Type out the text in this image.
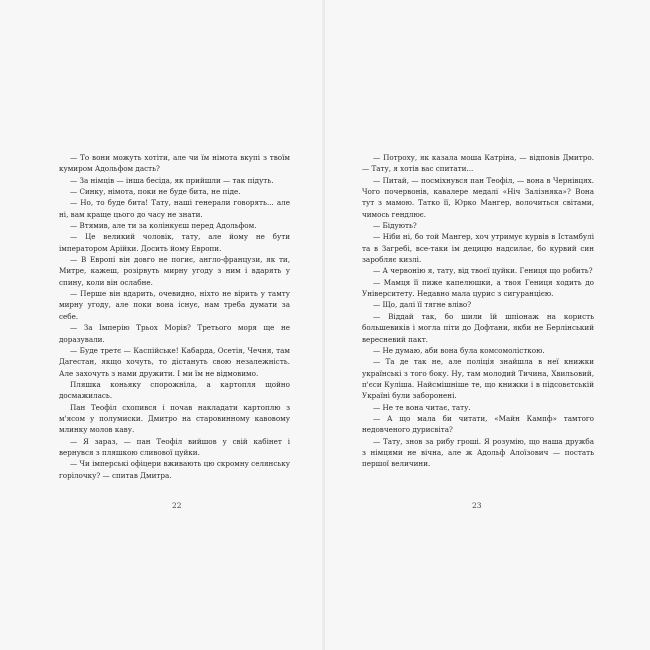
— То вони можуть хотіти, але чи їм німота вкупі з твоїм кумиром Адольфом дасть?

— За німців — інша бесіда, як прийшли — так підуть.

— Синку, німота, поки не буде бита, не піде.

— Но, то буде бита! Тату, наші генерали говорять... але ні, вам краще цього до часу не знати.

— Втямив, але ти за колінкуєш перед Адольфом.

— Це великий чоловік, тату, але йому не бути імператором Арійки. Досить йому Европи.

— В Европі він довго не погиє, англо-французи, як ти, Митре, кажеш, розірвуть мирну угоду з ним і вдарять у спину, коли він ослабне.

— Перше він вдарить, очевидно, ніхто не вірить у тамту мирну угоду, але поки вона існує, нам треба думати за себе.

— За Імперію Трьох Морів? Третього моря ще не доразували.

— Буде третє — Каспійське! Кабарда, Осетія, Чечня, там Дагестан, якщо хочуть, то дістануть свою незалежність. Але захочуть з нами дружити. І ми їм не відмовимо.

Пляшка коньяку спорожніла, а картопля щойно досмажилась.

Пан Теофіл схопився і почав накладати картоплю з м'ясом у полумиски. Дмитро на старовинному кавовому млинку молов каву.

— Я зараз, — пан Теофіл вийшов у свій кабінет і вернувся з пляшкою сливової цуйки.

— Чи імперські офіцери вживають цю скромну селянську горілочку? — спитав Дмитра.

22

— Потроху, як казала моша Катріна, — відповів Дмитро. — Тату, я хотів вас спитати...

— Питай, — посміхнувся пан Теофіл, — вона в Чернівцях. Чого почервонів, кавалере медалі «Ніч Залізняка»? Вона тут з мамою. Татко її, Юрко Мангер, волочиться світами, чимось гендлює.

— Бідують?

— Ніби ні, бо той Мангер, хоч утримує курвів в Істамбулі та в Загребі, все-таки ім децицю надсилає, бо курвий син заробляє кизлі.

— А червонію я, тату, від твоєї цуйки. Гениця що робить?

— Мамця її пиже капелюшки, а твоя Гениця ходить до Університету. Недавно мала цурис з сигуранцією.

— Що, далі її тягне вліво?

— Віддай так, бо шили їй шпіонаж на користь большевиків і могла піти до Дофтани, якби не Берлінський вересневий пакт.

— Не думаю, аби вона була комсомолісткою.

— Та де так не, але поліція знайшла в неї книжки українські з того боку. Ну, там молодий Тичина, Хвильовий, п'єси Куліша. Найсмішніше те, що книжки і в підсовєтській Україні були заборонені.

— Не те вона читає, тату.

— А що мала би читати, «Майн Кампф» тамтого недовченого дурисвіта?

— Тату, знов за рибу гроші. Я розумію, що наша дружба з німцями не вічна, але ж Адольф Алоїзович — постать першої величини.

23
